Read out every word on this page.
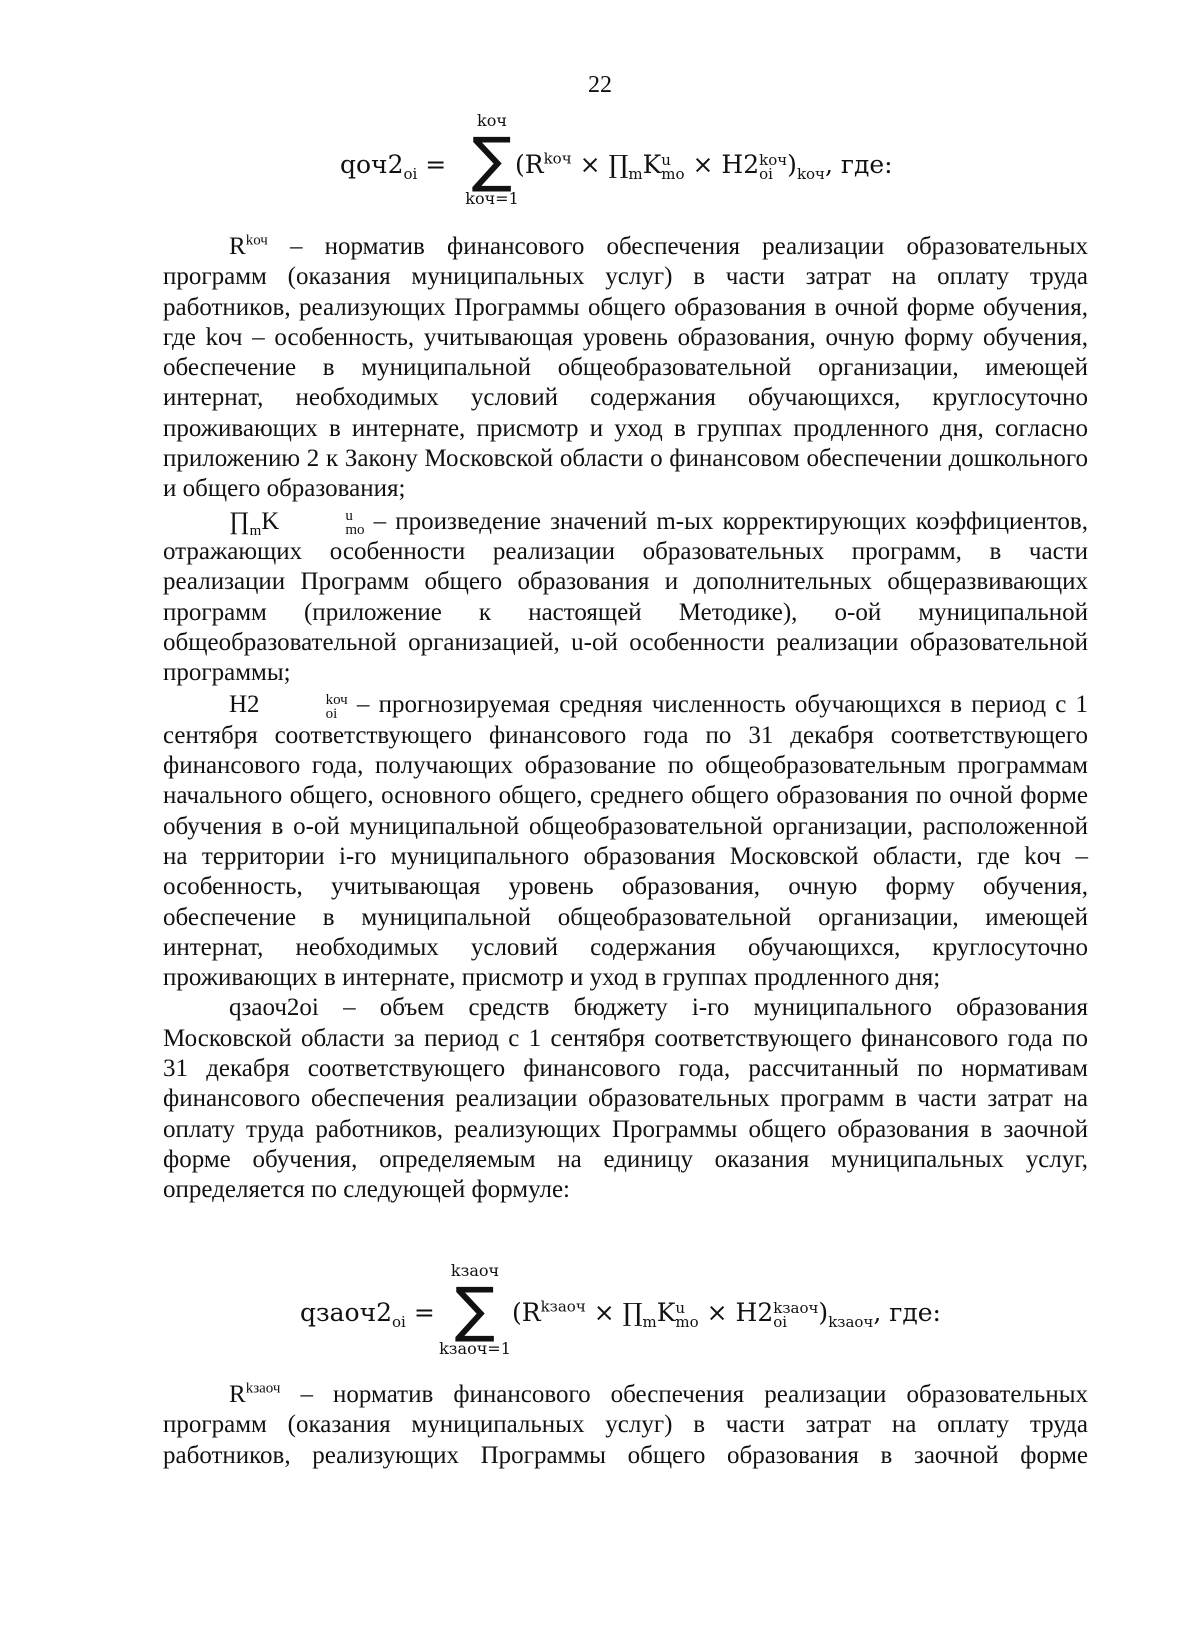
22
$qоч2_{oi}$ =
kоч
∑
kоч=1
($R^{kоч}$ × $\prod_mK$ u
mo × Н2 kоч
oi )$_{kоч}$, где:

$R^{kоч}$ – норматив финансового обеспечения реализации образовательных программ (оказания муниципальных услуг) в части затрат на оплату труда работников, реализующих Программы общего образования в очной форме обучения, где kоч – особенность, учитывающая уровень образования, очную форму обучения, обеспечение в муниципальной общеобразовательной организации, имеющей интернат, необходимых условий содержания обучающихся, круглосуточно проживающих в интернате, присмотр и уход в группах продленного дня, согласно приложению 2 к Закону Московской области о финансовом обеспечении дошкольного и общего образования;

$\prod_mK$	u
mo – произведение значений m-ых корректирующих коэффициентов, отражающих особенности реализации образовательных программ, в части реализации Программ общего образования и дополнительных общеразвивающих программ (приложение к настоящей Методике), о-ой муниципальной общеобразовательной организацией, u-ой особенности реализации образовательной программы;

Н2	kоч
oi – прогнозируемая средняя численность обучающихся в период с 1 сентября соответствующего финансового года по 31 декабря соответствующего финансового года, получающих образование по общеобразовательным программам начального общего, основного общего, среднего общего образования по очной форме обучения в о-ой муниципальной общеобразовательной организации, расположенной на территории i-го муниципального образования Московской области, где kоч – особенность, учитывающая уровень образования, очную форму обучения, обеспечение в муниципальной общеобразовательной организации, имеющей интернат, необходимых условий содержания обучающихся, круглосуточно проживающих в интернате, присмотр и уход в группах продленного дня;

qзаоч2oi – объем средств бюджету i-го муниципального образования Московской области за период с 1 сентября соответствующего финансового года по 31 декабря соответствующего финансового года, рассчитанный по нормативам финансового обеспечения реализации образовательных программ в части затрат на оплату труда работников, реализующих Программы общего образования в заочной форме обучения, определяемым на единицу оказания муниципальных услуг, определяется по следующей формуле:

$qзаоч2_{oi}$ =
kзаоч
∑
kзаоч=1
($R^{kзаоч}$ × $\prod_mK$ u
mo × Н2 kзаоч
oi	)$_{kзаоч}$, где:

$R^{kзаоч}$ – норматив финансового обеспечения реализации образовательных программ (оказания муниципальных услуг) в части затрат на оплату труда работников, реализующих Программы общего образования в заочной форме
